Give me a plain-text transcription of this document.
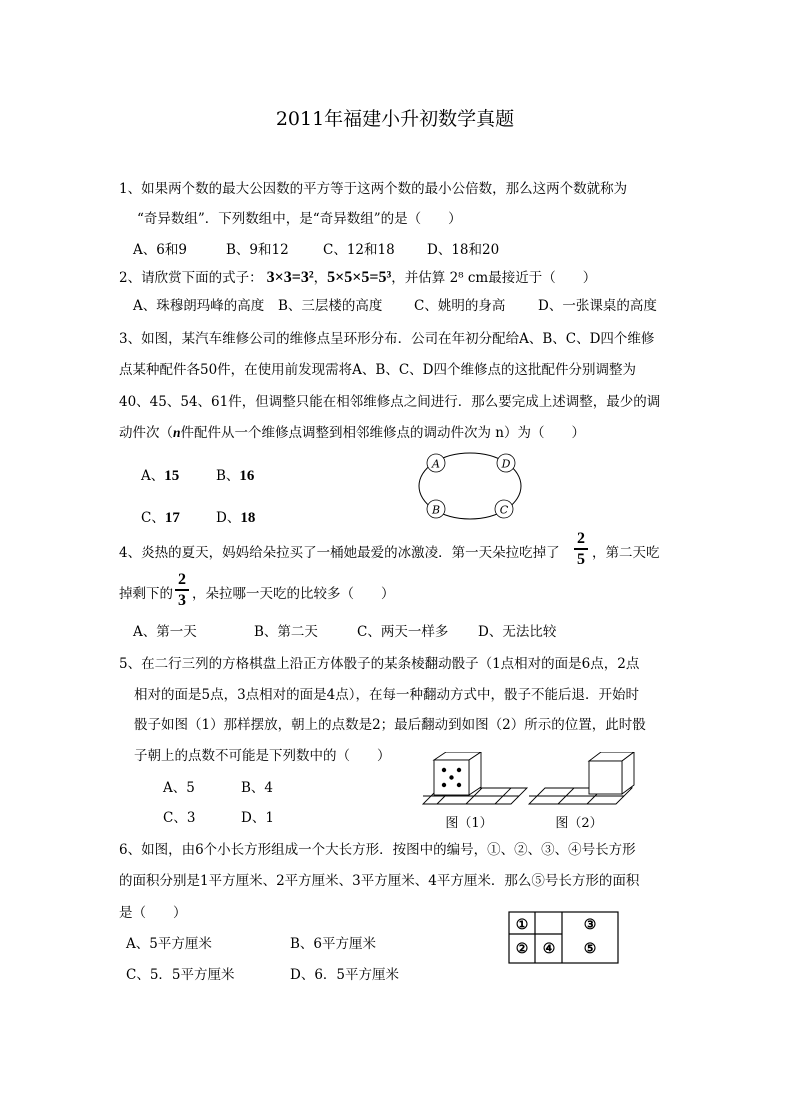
2011年福建小升初数学真题
1、如果两个数的最大公因数的平方等于这两个数的最小公倍数，那么这两个数就称为
“奇异数组”．下列数组中，是“奇异数组”的是（　　）
A、6和9	B、9和12	C、12和18 D、18和20
2、请欣赏下面的式子： 3×3=3²，5×5×5=5³，并估算 2⁸ cm最接近于（　　）
A、珠穆朗玛峰的高度 B、三层楼的高度 C、姚明的身高 D、一张课桌的高度
3、如图，某汽车维修公司的维修点呈环形分布．公司在年初分配给A、B、C、D四个维修
点某种配件各50件，在使用前发现需将A、B、C、D四个维修点的这批配件分别调整为
40、45、54、61件，但调整只能在相邻维修点之间进行．那么要完成上述调整，最少的调
动件次（n件配件从一个维修点调整到相邻维修点的调动件次为 n）为（　　）
A、15	B、16
C、17	D、18
A	D
B	C
4、炎热的夏天，妈妈给朵拉买了一桶她最爱的冰激凌．第一天朵拉吃掉了
2
5 ，第二天吃
掉剩下的
2
3 ，朵拉哪一天吃的比较多（　　）
A、第一天	B、第二天	C、两天一样多 D、无法比较
5、在二行三列的方格棋盘上沿正方体骰子的某条棱翻动骰子（1点相对的面是6点，2点
相对的面是5点，3点相对的面是4点），在每一种翻动方式中，骰子不能后退．开始时
骰子如图（1）那样摆放，朝上的点数是2；最后翻动到如图（2）所示的位置，此时骰
子朝上的点数不可能是下列数中的（　　）
A、5	B、4
C、3	D、1	图（1）	图（2）
6、如图，由6个小长方形组成一个大长方形．按图中的编号，①、②、③、④号长方形
的面积分别是1平方厘米、2平方厘米、3平方厘米、4平方厘米．那么⑤号长方形的面积
是（　　）
A、5平方厘米	B、6平方厘米
C、5．5平方厘米	D、6．5平方厘米
①	③
② ④ ⑤
